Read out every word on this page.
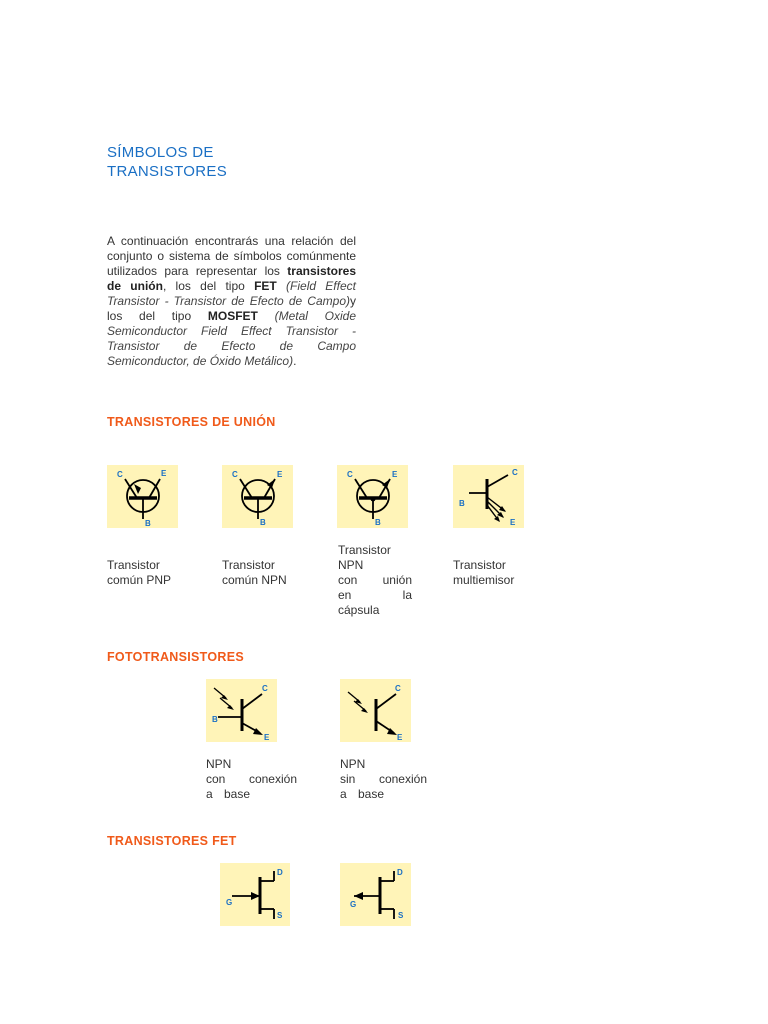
SÍMBOLOS DE
TRANSISTORES
A continuación encontrarás una relación del conjunto o sistema de símbolos comúnmente utilizados para representar los transistores de unión, los del tipo FET (Field Effect Transistor - Transistor de Efecto de Campo)y los del tipo MOSFET (Metal Oxide Semiconductor Field Effect Transistor - Transistor de Efecto de Campo Semiconductor, de Óxido Metálico).
TRANSISTORES DE UNIÓN
C	E
B
C	E
B
C	E
B
C
B
E
Transistor
común PNP
Transistor
común NPN
Transistor
NPN
con unión
en la
cápsula
Transistor
multiemisor
FOTOTRANSISTORES
C
B
E
C
E
NPN
con conexión
a base
NPN
sin conexión
a base
TRANSISTORES FET
D
G
S
D
G
S
